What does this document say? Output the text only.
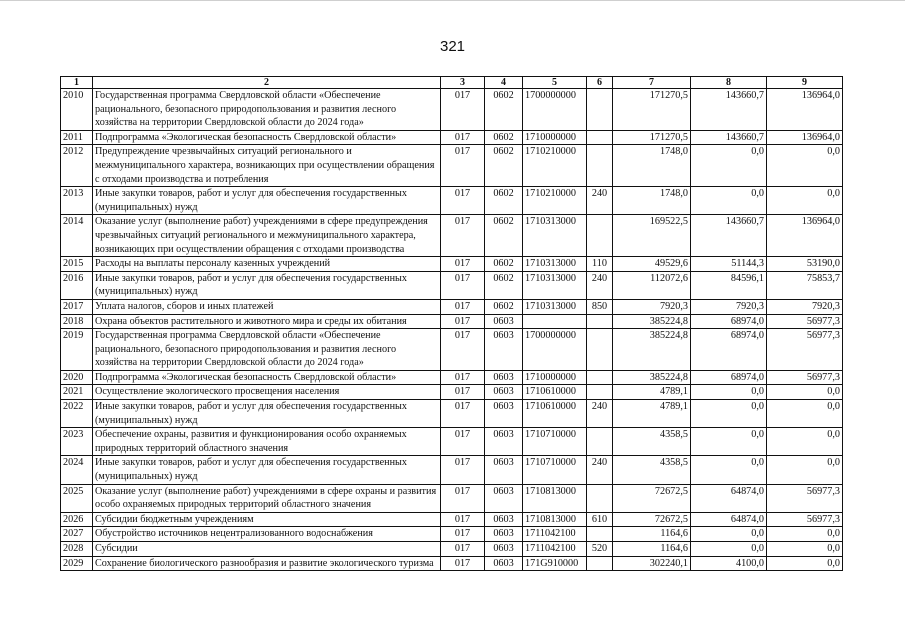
321
1	2	3	4	5	6	7	8	9
2010	Государственная программа Свердловской области «Обеспечение рационального, безопасного природопользования и развития лесного хозяйства на территории Свердловской области до 2024 года»	017	0602	1700000000		171270,5	143660,7	136964,0
2011	Подпрограмма «Экологическая безопасность Свердловской области»	017	0602	1710000000		171270,5	143660,7	136964,0
2012	Предупреждение чрезвычайных ситуаций регионального и межмуниципального характера, возникающих при осуществлении обращения с отходами производства и потребления	017	0602	1710210000		1748,0	0,0	0,0
2013	Иные закупки товаров, работ и услуг для обеспечения государственных (муниципальных) нужд	017	0602	1710210000	240	1748,0	0,0	0,0
2014	Оказание услуг (выполнение работ) учреждениями в сфере предупреждения чрезвычайных ситуаций регионального и межмуниципального характера, возникающих при осуществлении обращения с отходами производства	017	0602	1710313000		169522,5	143660,7	136964,0
2015	Расходы на выплаты персоналу казенных учреждений	017	0602	1710313000	110	49529,6	51144,3	53190,0
2016	Иные закупки товаров, работ и услуг для обеспечения государственных (муниципальных) нужд	017	0602	1710313000	240	112072,6	84596,1	75853,7
2017	Уплата налогов, сборов и иных платежей	017	0602	1710313000	850	7920,3	7920,3	7920,3
2018	Охрана объектов растительного и животного мира и среды их обитания	017	0603			385224,8	68974,0	56977,3
2019	Государственная программа Свердловской области «Обеспечение рационального, безопасного природопользования и развития лесного хозяйства на территории Свердловской области до 2024 года»	017	0603	1700000000		385224,8	68974,0	56977,3
2020	Подпрограмма «Экологическая безопасность Свердловской области»	017	0603	1710000000		385224,8	68974,0	56977,3
2021	Осуществление экологического просвещения населения	017	0603	1710610000		4789,1	0,0	0,0
2022	Иные закупки товаров, работ и услуг для обеспечения государственных (муниципальных) нужд	017	0603	1710610000	240	4789,1	0,0	0,0
2023	Обеспечение охраны, развития и функционирования особо охраняемых природных территорий областного значения	017	0603	1710710000		4358,5	0,0	0,0
2024	Иные закупки товаров, работ и услуг для обеспечения государственных (муниципальных) нужд	017	0603	1710710000	240	4358,5	0,0	0,0
2025	Оказание услуг (выполнение работ) учреждениями в сфере охраны и развития особо охраняемых природных территорий областного значения	017	0603	1710813000		72672,5	64874,0	56977,3
2026	Субсидии бюджетным учреждениям	017	0603	1710813000	610	72672,5	64874,0	56977,3
2027	Обустройство источников нецентрализованного водоснабжения	017	0603	1711042100		1164,6	0,0	0,0
2028	Субсидии	017	0603	1711042100	520	1164,6	0,0	0,0
2029	Сохранение биологического разнообразия и развитие экологического туризма	017	0603	171G910000		302240,1	4100,0	0,0
